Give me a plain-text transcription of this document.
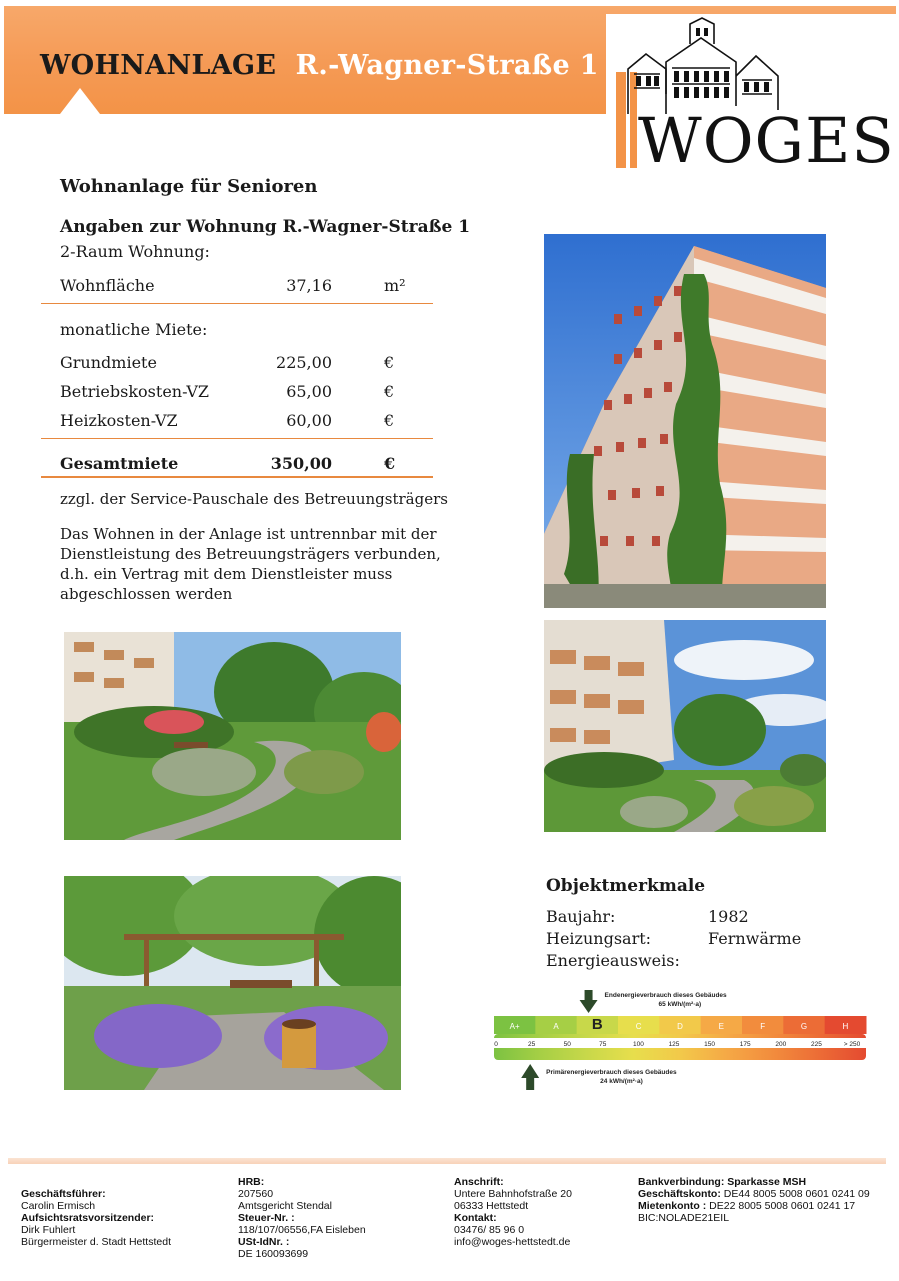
WOHNANLAGE R.-Wagner-Straße 1
WOGES
Wohnanlage für Senioren
Angaben zur Wohnung R.-Wagner-Straße 1
2-Raum Wohnung:
Wohnfläche	37,16	m²
monatliche Miete:
Grundmiete	225,00	€
Betriebskosten-VZ	65,00	€
Heizkosten-VZ	60,00	€
Gesamtmiete	350,00	€
zzgl. der Service-Pauschale des Betreuungsträgers
Das Wohnen in der Anlage ist untrennbar mit der Dienstleistung des Betreuungsträgers verbunden, d.h. ein Vertrag mit dem Dienstleister muss abgeschlossen werden
Objektmerkmale
Baujahr:	1982
Heizungsart:	Fernwärme
Energieausweis:
A+	A B	C	D	E	F	G	H
0	25	50	75	100	125	150	175	200	225	> 250
Endenergieverbrauch dieses Gebäudes
65 kWh/(m²·a)
Primärenergieverbrauch dieses Gebäudes
24 kWh/(m²·a)
Geschäftsführer:
Carolin Ermisch
Aufsichtsratsvorsitzender:
Dirk Fuhlert
Bürgermeister d. Stadt Hettstedt
HRB:
207560
Amtsgericht Stendal
Steuer-Nr. :
118/107/06556,FA Eisleben
USt-IdNr. :
DE 160093699
Anschrift:
Untere Bahnhofstraße 20
06333 Hettstedt
Kontakt:
03476/ 85 96 0
info@woges-hettstedt.de
Bankverbindung: Sparkasse MSH
Geschäftskonto: DE44 8005 5008 0601 0241 09
Mietenkonto : DE22 8005 5008 0601 0241 17
BIC:NOLADE21EIL
